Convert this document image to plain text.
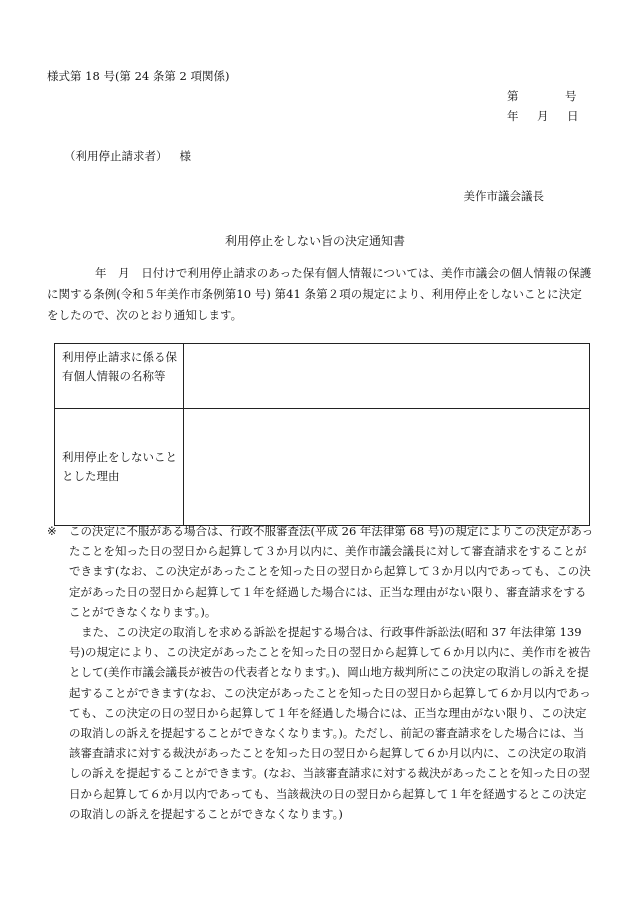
様式第 18 号(第 24 条第 2 項関係)
第	号
年 月 日
（利用停止請求者） 様
美作市議会議長
利用停止をしない旨の決定通知書
年　月　日付けで利用停止請求のあった保有個人情報については、美作市議会の個人情報の保護に関する条例(令和５年美作市条例第10 号) 第41 条第２項の規定により、利用停止をしないことに決定をしたので、次のとおり通知します。
利用停止請求に係る保有個人情報の名称等	
利用停止をしないこととした理由	
※ この決定に不服がある場合は、行政不服審査法(平成 26 年法律第 68 号)の規定によりこの決定があったことを知った日の翌日から起算して３か月以内に、美作市議会議長に対して審査請求をすることができます(なお、この決定があったことを知った日の翌日から起算して３か月以内であっても、この決定があった日の翌日から起算して１年を経過した場合には、正当な理由がない限り、審査請求をすることができなくなります。)。
また、この決定の取消しを求める訴訟を提起する場合は、行政事件訴訟法(昭和 37 年法律第 139号)の規定により、この決定があったことを知った日の翌日から起算して６か月以内に、美作市を被告として(美作市議会議長が被告の代表者となります。)、岡山地方裁判所にこの決定の取消しの訴えを提起することができます(なお、この決定があったことを知った日の翌日から起算して６か月以内であっても、この決定の日の翌日から起算して１年を経過した場合には、正当な理由がない限り、この決定の取消しの訴えを提起することができなくなります。)。ただし、前記の審査請求をした場合には、当該審査請求に対する裁決があったことを知った日の翌日から起算して６か月以内に、この決定の取消しの訴えを提起することができます。(なお、当該審査請求に対する裁決があったことを知った日の翌日から起算して６か月以内であっても、当該裁決の日の翌日から起算して１年を経過するとこの決定の取消しの訴えを提起することができなくなります。)
